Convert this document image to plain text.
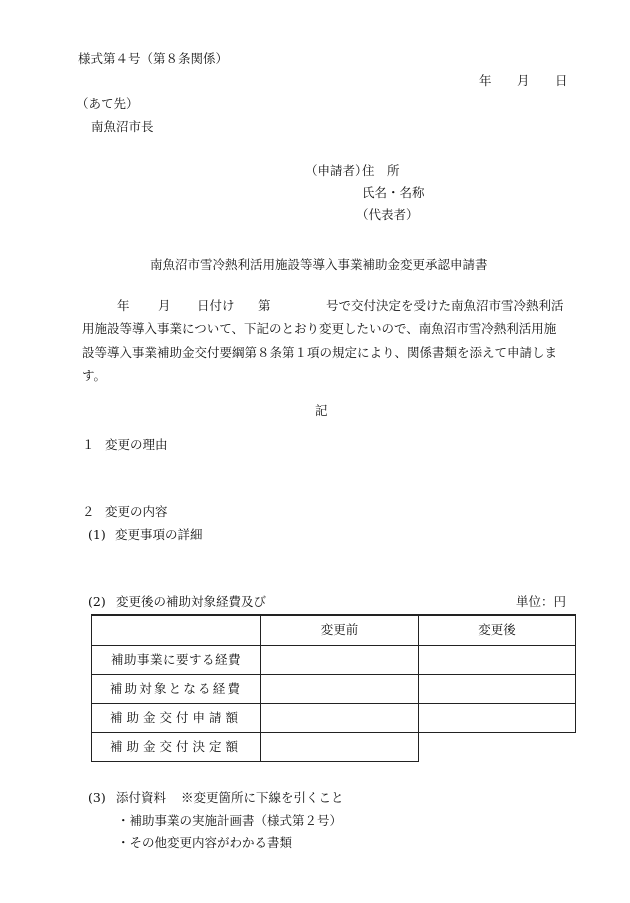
様式第４号（第８条関係）
年 月 日
（あて先）
南魚沼市長
（申請者）
住　所
氏名・名称
（代表者）
南魚沼市雪冷熱利活用施設等導入事業補助金変更承認申請書
年 月 日付け 第	号で交付決定を受けた南魚沼市雪冷熱利活
用施設等導入事業について、下記のとおり変更したいので、南魚沼市雪冷熱利活用施
設等導入事業補助金交付要綱第８条第１項の規定により、関係書類を添えて申請しま
す。
記
１ 変更の理由
２ 変更の内容
(1) 変更事項の詳細
(2) 変更後の補助対象経費及び	単位：円
	変更前	変更後
補助事業に要する経費		
補助対象となる経費		
補助金交付申請額		
補助金交付決定額		
(3) 添付資料 ※変更箇所に下線を引くこと
・補助事業の実施計画書（様式第２号）
・その他変更内容がわかる書類
